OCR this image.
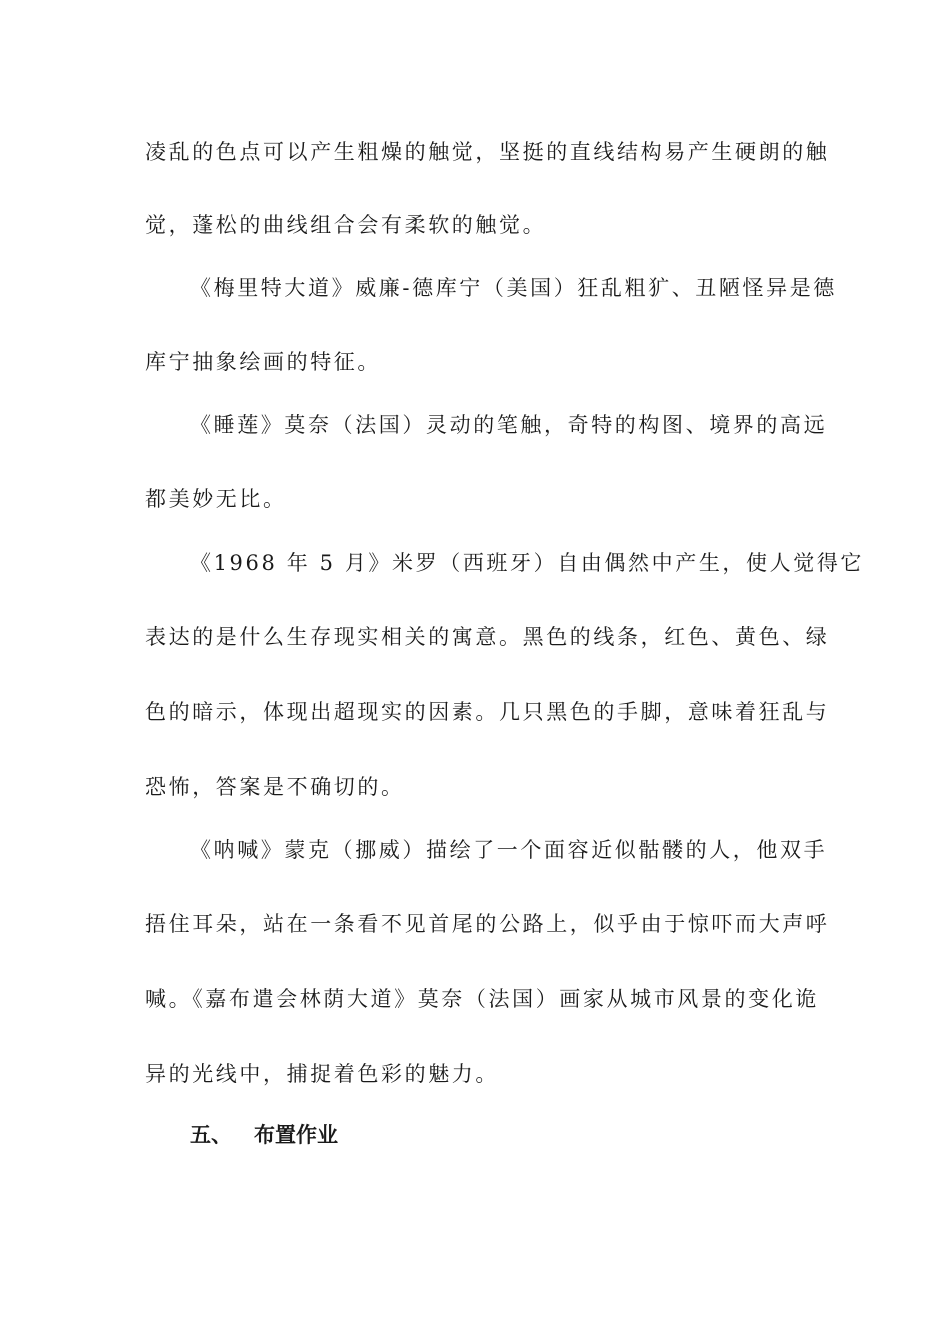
凌乱的色点可以产生粗燥的触觉，坚挺的直线结构易产生硬朗的触
觉，蓬松的曲线组合会有柔软的触觉。
《梅里特大道》威廉-德库宁（美国）狂乱粗犷、丑陋怪异是德
库宁抽象绘画的特征。
《睡莲》莫奈（法国）灵动的笔触，奇特的构图、境界的高远
都美妙无比。
《1968 年 5 月》米罗（西班牙）自由偶然中产生，使人觉得它
表达的是什么生存现实相关的寓意。黑色的线条，红色、黄色、绿
色的暗示，体现出超现实的因素。几只黑色的手脚，意味着狂乱与
恐怖，答案是不确切的。
《呐喊》蒙克（挪威）描绘了一个面容近似骷髅的人，他双手
捂住耳朵，站在一条看不见首尾的公路上，似乎由于惊吓而大声呼
喊。《嘉布遣会林荫大道》莫奈（法国）画家从城市风景的变化诡
异的光线中，捕捉着色彩的魅力。
五、 布置作业
